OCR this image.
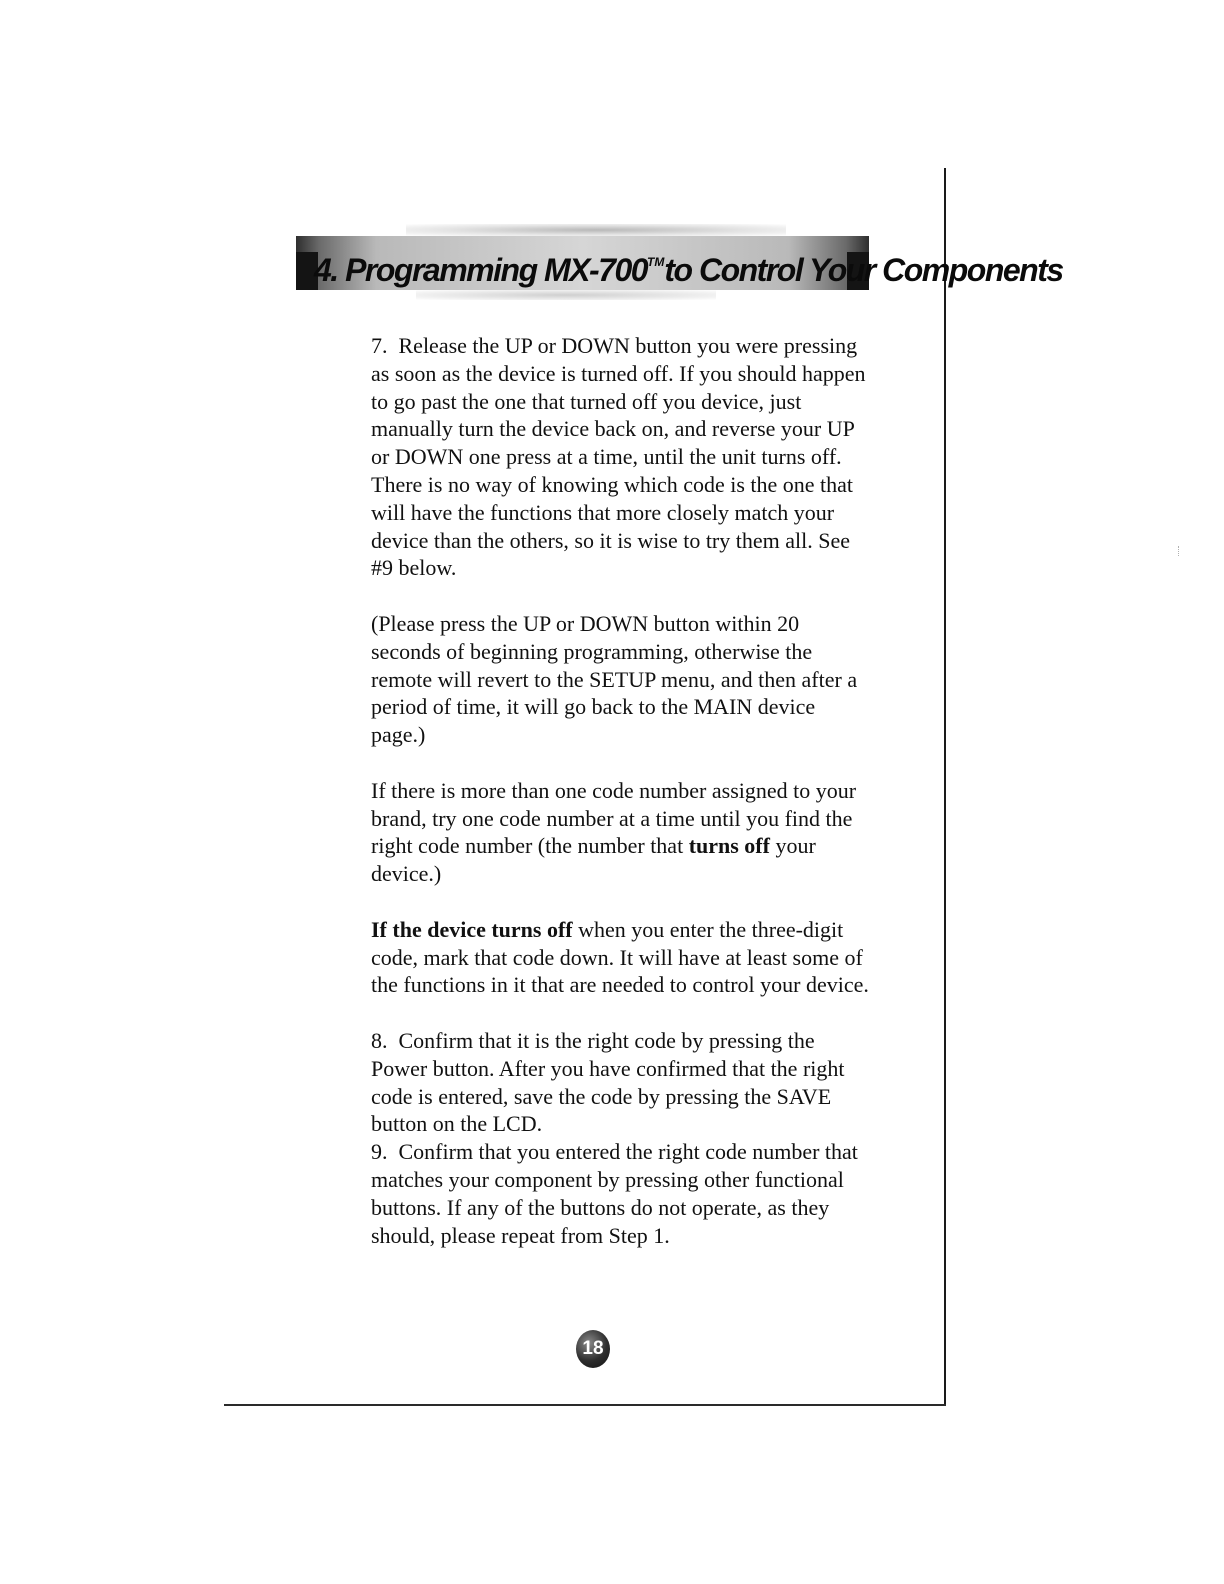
4. Programming MX-700™to Control Your Components

7. Release the UP or DOWN button you were pressing as soon as the device is turned off. If you should happen to go past the one that turned off you device, just manually turn the device back on, and reverse your UP or DOWN one press at a time, until the unit turns off. There is no way of knowing which code is the one that will have the functions that more closely match your device than the others, so it is wise to try them all. See #9 below.

(Please press the UP or DOWN button within 20 seconds of beginning programming, otherwise the remote will revert to the SETUP menu, and then after a period of time, it will go back to the MAIN device page.)

If there is more than one code number assigned to your brand, try one code number at a time until you find the right code number (the number that turns off your device.)

If the device turns off when you enter the three-digit code, mark that code down. It will have at least some of the functions in it that are needed to control your device.

8. Confirm that it is the right code by pressing the Power button. After you have confirmed that the right code is entered, save the code by pressing the SAVE button on the LCD.

9. Confirm that you entered the right code number that matches your component by pressing other functional buttons. If any of the buttons do not operate, as they should, please repeat from Step 1.

18
